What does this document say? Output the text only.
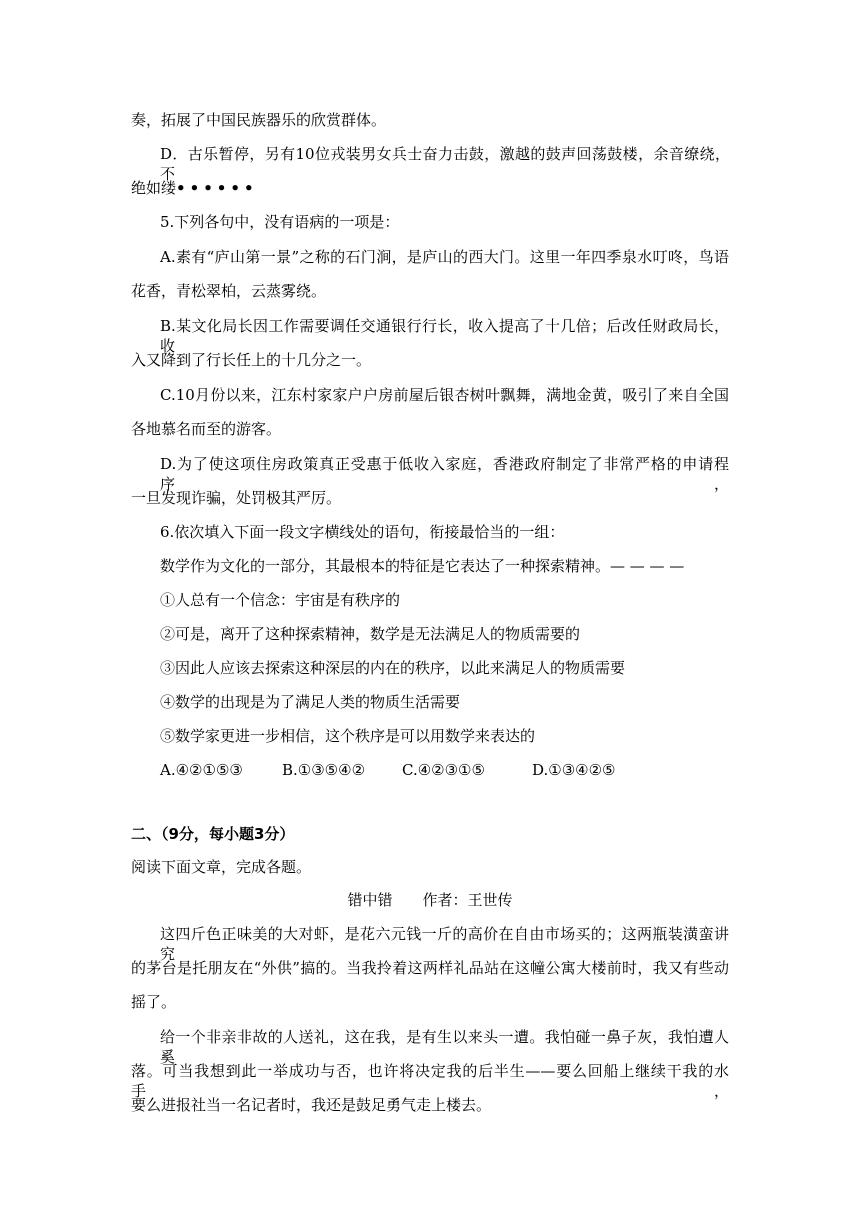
奏，拓展了中国民族器乐的欣赏群体。
D．古乐暂停，另有10位戎装男女兵士奋力击鼓，激越的鼓声回荡鼓楼，余音缭绕，不
绝如缕••••••
5.下列各句中，没有语病的一项是：
A.素有“庐山第一景”之称的石门涧，是庐山的西大门。这里一年四季泉水叮咚，鸟语
花香，青松翠柏，云蒸雾绕。
B.某文化局长因工作需要调任交通银行行长，收入提高了十几倍；后改任财政局长，收
入又降到了行长任上的十几分之一。
C.10月份以来，江东村家家户户房前屋后银杏树叶飘舞，满地金黄，吸引了来自全国
各地慕名而至的游客。
D.为了使这项住房政策真正受惠于低收入家庭，香港政府制定了非常严格的申请程序，
一旦发现诈骗，处罚极其严厉。
6.依次填入下面一段文字横线处的语句，衔接最恰当的一组：
数学作为文化的一部分，其最根本的特征是它表达了一种探索精神。— — — —
①人总有一个信念：宇宙是有秩序的
②可是，离开了这种探索精神，数学是无法满足人的物质需要的
③因此人应该去探索这种深层的内在的秩序，以此来满足人的物质需要
④数学的出现是为了满足人类的物质生活需要
⑤数学家更进一步相信，这个秩序是可以用数学来表达的
A.④②①⑤③	B.①③⑤④② C.④②③①⑤	D.①③④②⑤
二、（9分，每小题3分）
阅读下面文章，完成各题。
错中错　　作者：王世传
这四斤色正味美的大对虾，是花六元钱一斤的高价在自由市场买的；这两瓶装潢蛮讲究
的茅台是托朋友在“外供”搞的。当我拎着这两样礼品站在这幢公寓大楼前时，我又有些动
摇了。
给一个非亲非故的人送礼，这在我，是有生以来头一遭。我怕碰一鼻子灰，我怕遭人奚
落。可当我想到此一举成功与否，也许将决定我的后半生——要么回船上继续干我的水手，
要么进报社当一名记者时，我还是鼓足勇气走上楼去。
